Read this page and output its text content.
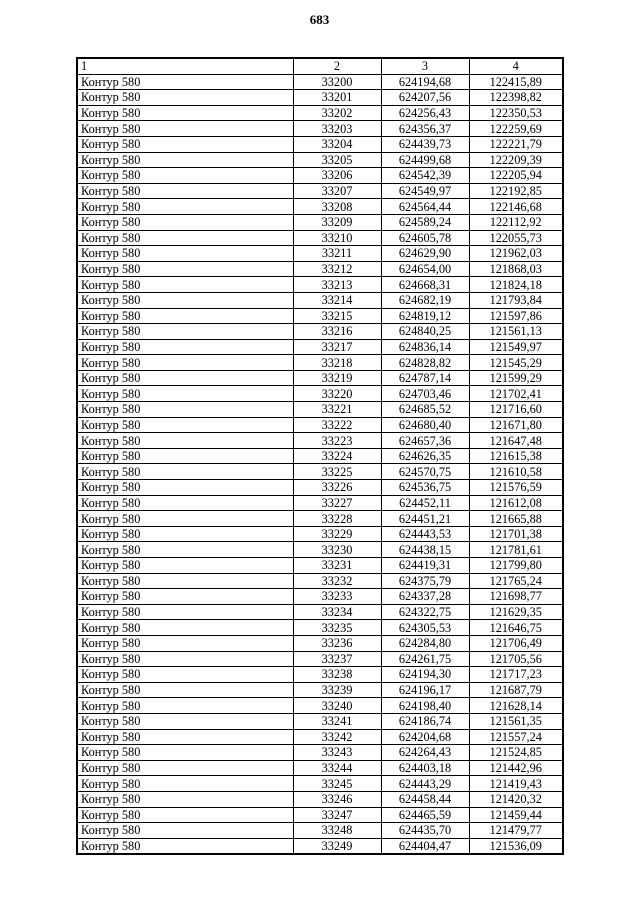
683
1	2	3	4
Контур 580	33200	624194,68	122415,89
Контур 580	33201	624207,56	122398,82
Контур 580	33202	624256,43	122350,53
Контур 580	33203	624356,37	122259,69
Контур 580	33204	624439,73	122221,79
Контур 580	33205	624499,68	122209,39
Контур 580	33206	624542,39	122205,94
Контур 580	33207	624549,97	122192,85
Контур 580	33208	624564,44	122146,68
Контур 580	33209	624589,24	122112,92
Контур 580	33210	624605,78	122055,73
Контур 580	33211	624629,90	121962,03
Контур 580	33212	624654,00	121868,03
Контур 580	33213	624668,31	121824,18
Контур 580	33214	624682,19	121793,84
Контур 580	33215	624819,12	121597,86
Контур 580	33216	624840,25	121561,13
Контур 580	33217	624836,14	121549,97
Контур 580	33218	624828,82	121545,29
Контур 580	33219	624787,14	121599,29
Контур 580	33220	624703,46	121702,41
Контур 580	33221	624685,52	121716,60
Контур 580	33222	624680,40	121671,80
Контур 580	33223	624657,36	121647,48
Контур 580	33224	624626,35	121615,38
Контур 580	33225	624570,75	121610,58
Контур 580	33226	624536,75	121576,59
Контур 580	33227	624452,11	121612,08
Контур 580	33228	624451,21	121665,88
Контур 580	33229	624443,53	121701,38
Контур 580	33230	624438,15	121781,61
Контур 580	33231	624419,31	121799,80
Контур 580	33232	624375,79	121765,24
Контур 580	33233	624337,28	121698,77
Контур 580	33234	624322,75	121629,35
Контур 580	33235	624305,53	121646,75
Контур 580	33236	624284,80	121706,49
Контур 580	33237	624261,75	121705,56
Контур 580	33238	624194,30	121717,23
Контур 580	33239	624196,17	121687,79
Контур 580	33240	624198,40	121628,14
Контур 580	33241	624186,74	121561,35
Контур 580	33242	624204,68	121557,24
Контур 580	33243	624264,43	121524,85
Контур 580	33244	624403,18	121442,96
Контур 580	33245	624443,29	121419,43
Контур 580	33246	624458,44	121420,32
Контур 580	33247	624465,59	121459,44
Контур 580	33248	624435,70	121479,77
Контур 580	33249	624404,47	121536,09
